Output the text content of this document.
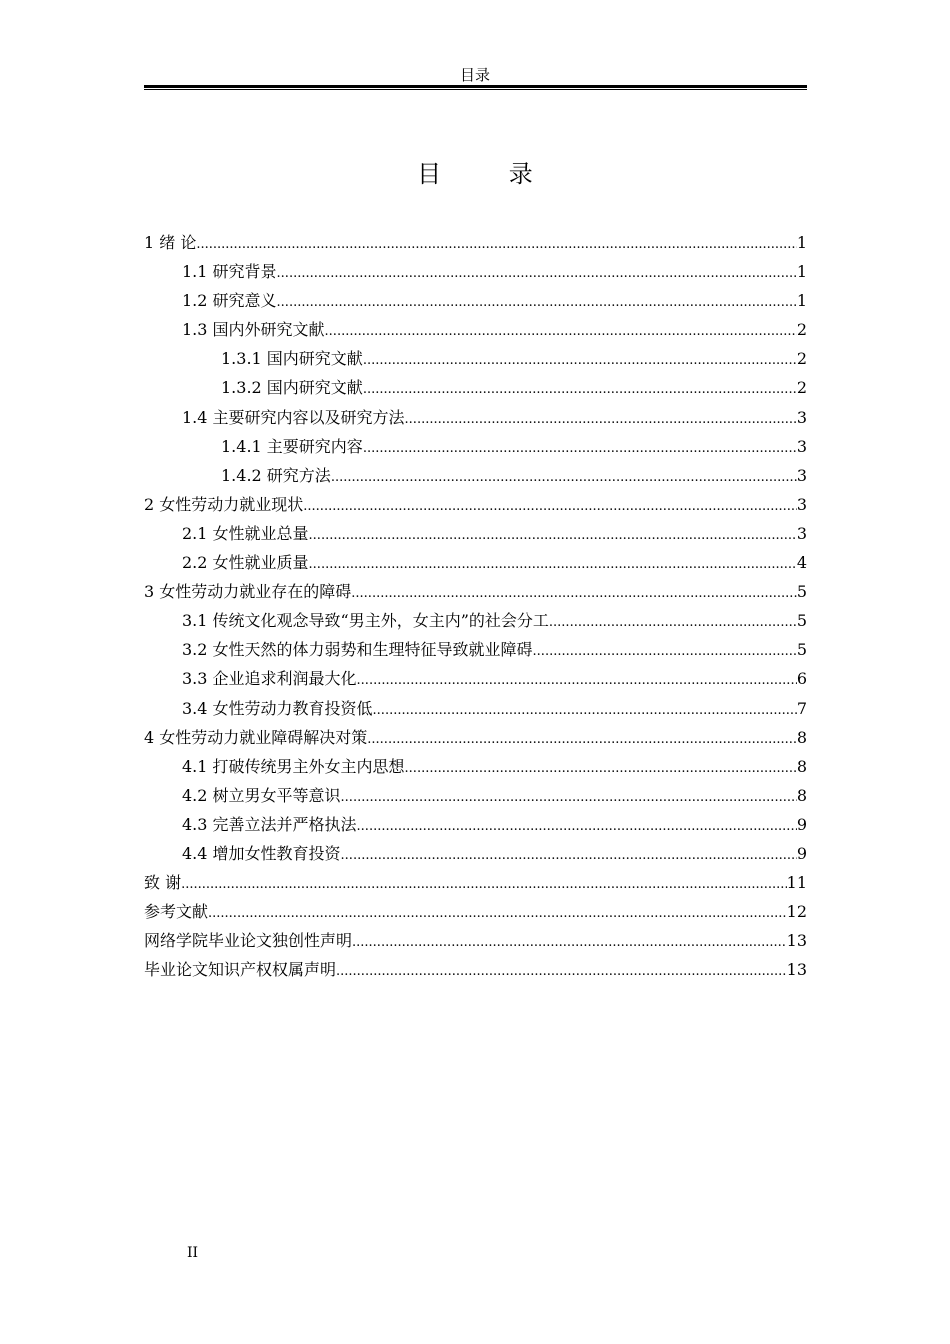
目录
目 录
1 绪 论 .....	1
1.1 研究背景 .....	1
1.2 研究意义 .....	1
1.3 国内外研究文献 .....	2
1.3.1 国内研究文献 .....	2
1.3.2 国内研究文献 .....	2
1.4 主要研究内容以及研究方法 .....	3
1.4.1 主要研究内容 .....	3
1.4.2 研究方法 .....	3
2 女性劳动力就业现状 .....	3
2.1 女性就业总量 .....	3
2.2 女性就业质量 .....	4
3 女性劳动力就业存在的障碍 .....	5
3.1 传统文化观念导致“男主外，女主内”的社会分工 .....	5
3.2 女性天然的体力弱势和生理特征导致就业障碍 .....	5
3.3 企业追求利润最大化 .....	6
3.4 女性劳动力教育投资低 .....	7
4 女性劳动力就业障碍解决对策 .....	8
4.1 打破传统男主外女主内思想 .....	8
4.2 树立男女平等意识 .....	8
4.3 完善立法并严格执法 .....	9
4.4 增加女性教育投资 .....	9
致 谢 .....	11
参考文献 .....	12
网络学院毕业论文独创性声明 .....	13
毕业论文知识产权权属声明 .....	13
II
